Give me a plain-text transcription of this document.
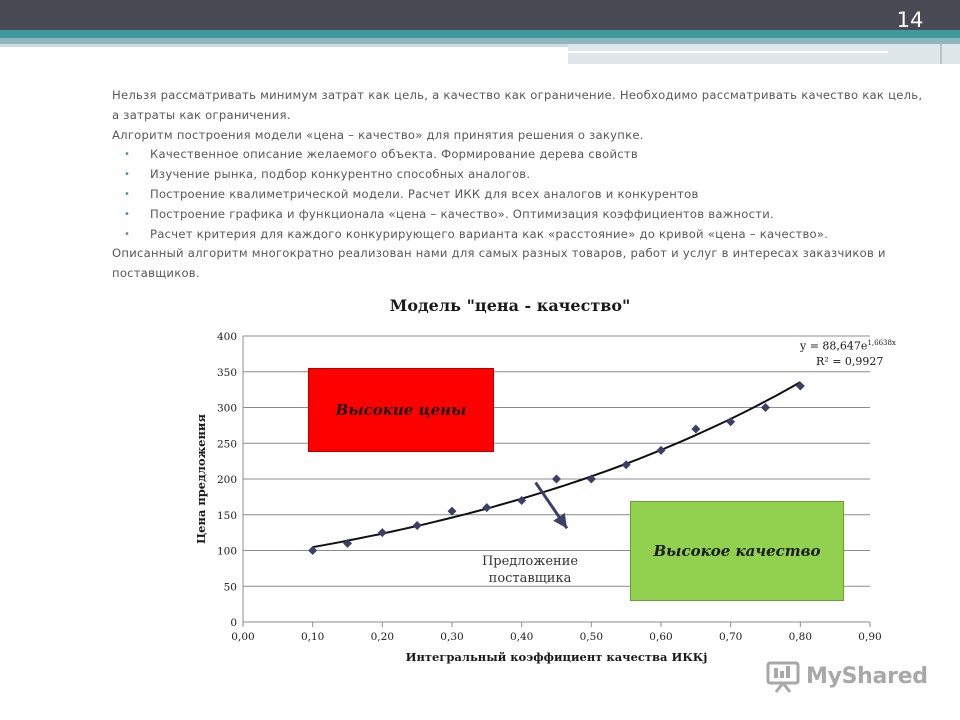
14

Нельзя рассматривать минимум затрат как цель, а качество как ограничение. Необходимо рассматривать качество как цель, а затраты как ограничения.

Алгоритм построения модели «цена – качество» для принятия решения о закупке.

• Качественное описание желаемого объекта. Формирование дерева свойств
• Изучение рынка, подбор конкурентно способных аналогов.
• Построение квалиметрической модели. Расчет ИКК для всех аналогов и конкурентов
• Построение графика и функционала «цена – качество». Оптимизация коэффициентов важности.
• Расчет критерия для каждого конкурирующего варианта как «расстояние» до кривой «цена – качество».

Описанный алгоритм многократно реализован нами для самых разных товаров, работ и услуг в интересах заказчиков и поставщиков.

Модель "цена - качество"
0
50
100
150
200
250
300
350
400
0,00	0,10	0,20	0,30	0,40	0,50	0,60	0,70	0,80	0,90
Интегральный коэффициент качества ИККj
Цена предложения
Высокие цены
Высокое качество
Предложение
поставщика
$y = 88,647e^{1,6638x}$
R² = 0,9927
MyShared
